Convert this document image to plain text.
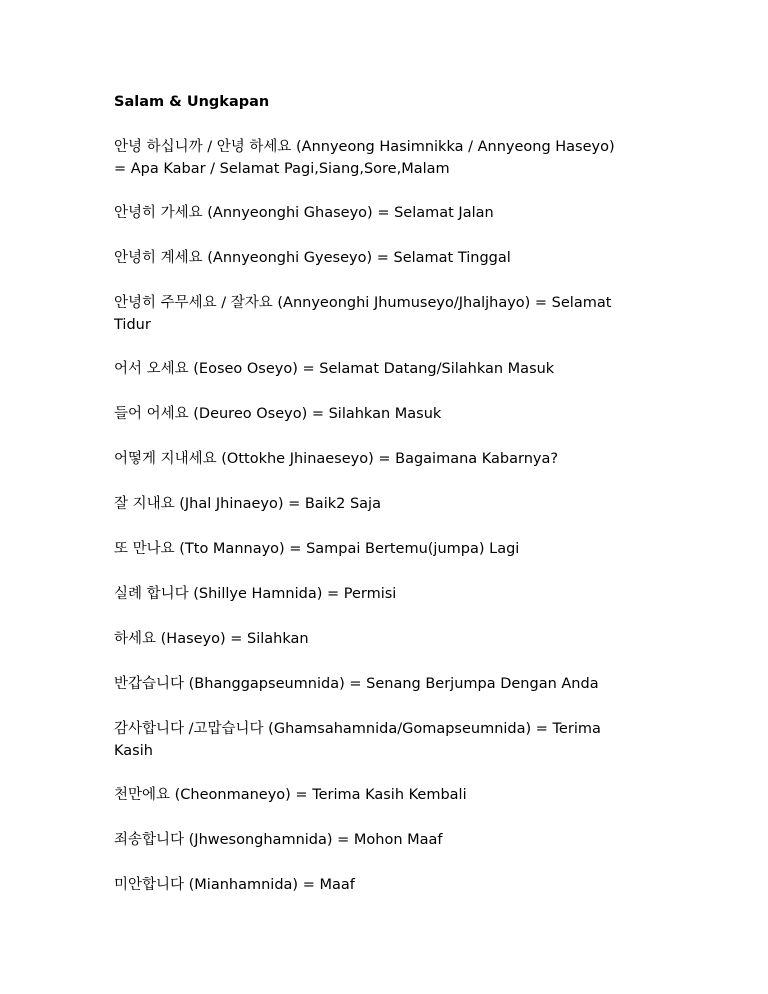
Salam & Ungkapan
안녕 하십니까 / 안녕 하세요 (Annyeong Hasimnikka / Annyeong Haseyo)
= Apa Kabar / Selamat Pagi,Siang,Sore,Malam
안녕히 가세요 (Annyeonghi Ghaseyo) = Selamat Jalan
안녕히 계세요 (Annyeonghi Gyeseyo) = Selamat Tinggal
안녕히 주무세요 / 잘자요 (Annyeonghi Jhumuseyo/Jhaljhayo) = Selamat
Tidur
어서 오세요 (Eoseo Oseyo) = Selamat Datang/Silahkan Masuk
들어 어세요 (Deureo Oseyo) = Silahkan Masuk
어떻게 지내세요 (Ottokhe Jhinaeseyo) = Bagaimana Kabarnya?
잘 지내요 (Jhal Jhinaeyo) = Baik2 Saja
또 만나요 (Tto Mannayo) = Sampai Bertemu(jumpa) Lagi
실례 합니다 (Shillye Hamnida) = Permisi
하세요 (Haseyo) = Silahkan
반갑습니다 (Bhanggapseumnida) = Senang Berjumpa Dengan Anda
감사합니다 /고맙습니다 (Ghamsahamnida/Gomapseumnida) = Terima
Kasih
천만에요 (Cheonmaneyo) = Terima Kasih Kembali
죄송합니다 (Jhwesonghamnida) = Mohon Maaf
미안합니다 (Mianhamnida) = Maaf
